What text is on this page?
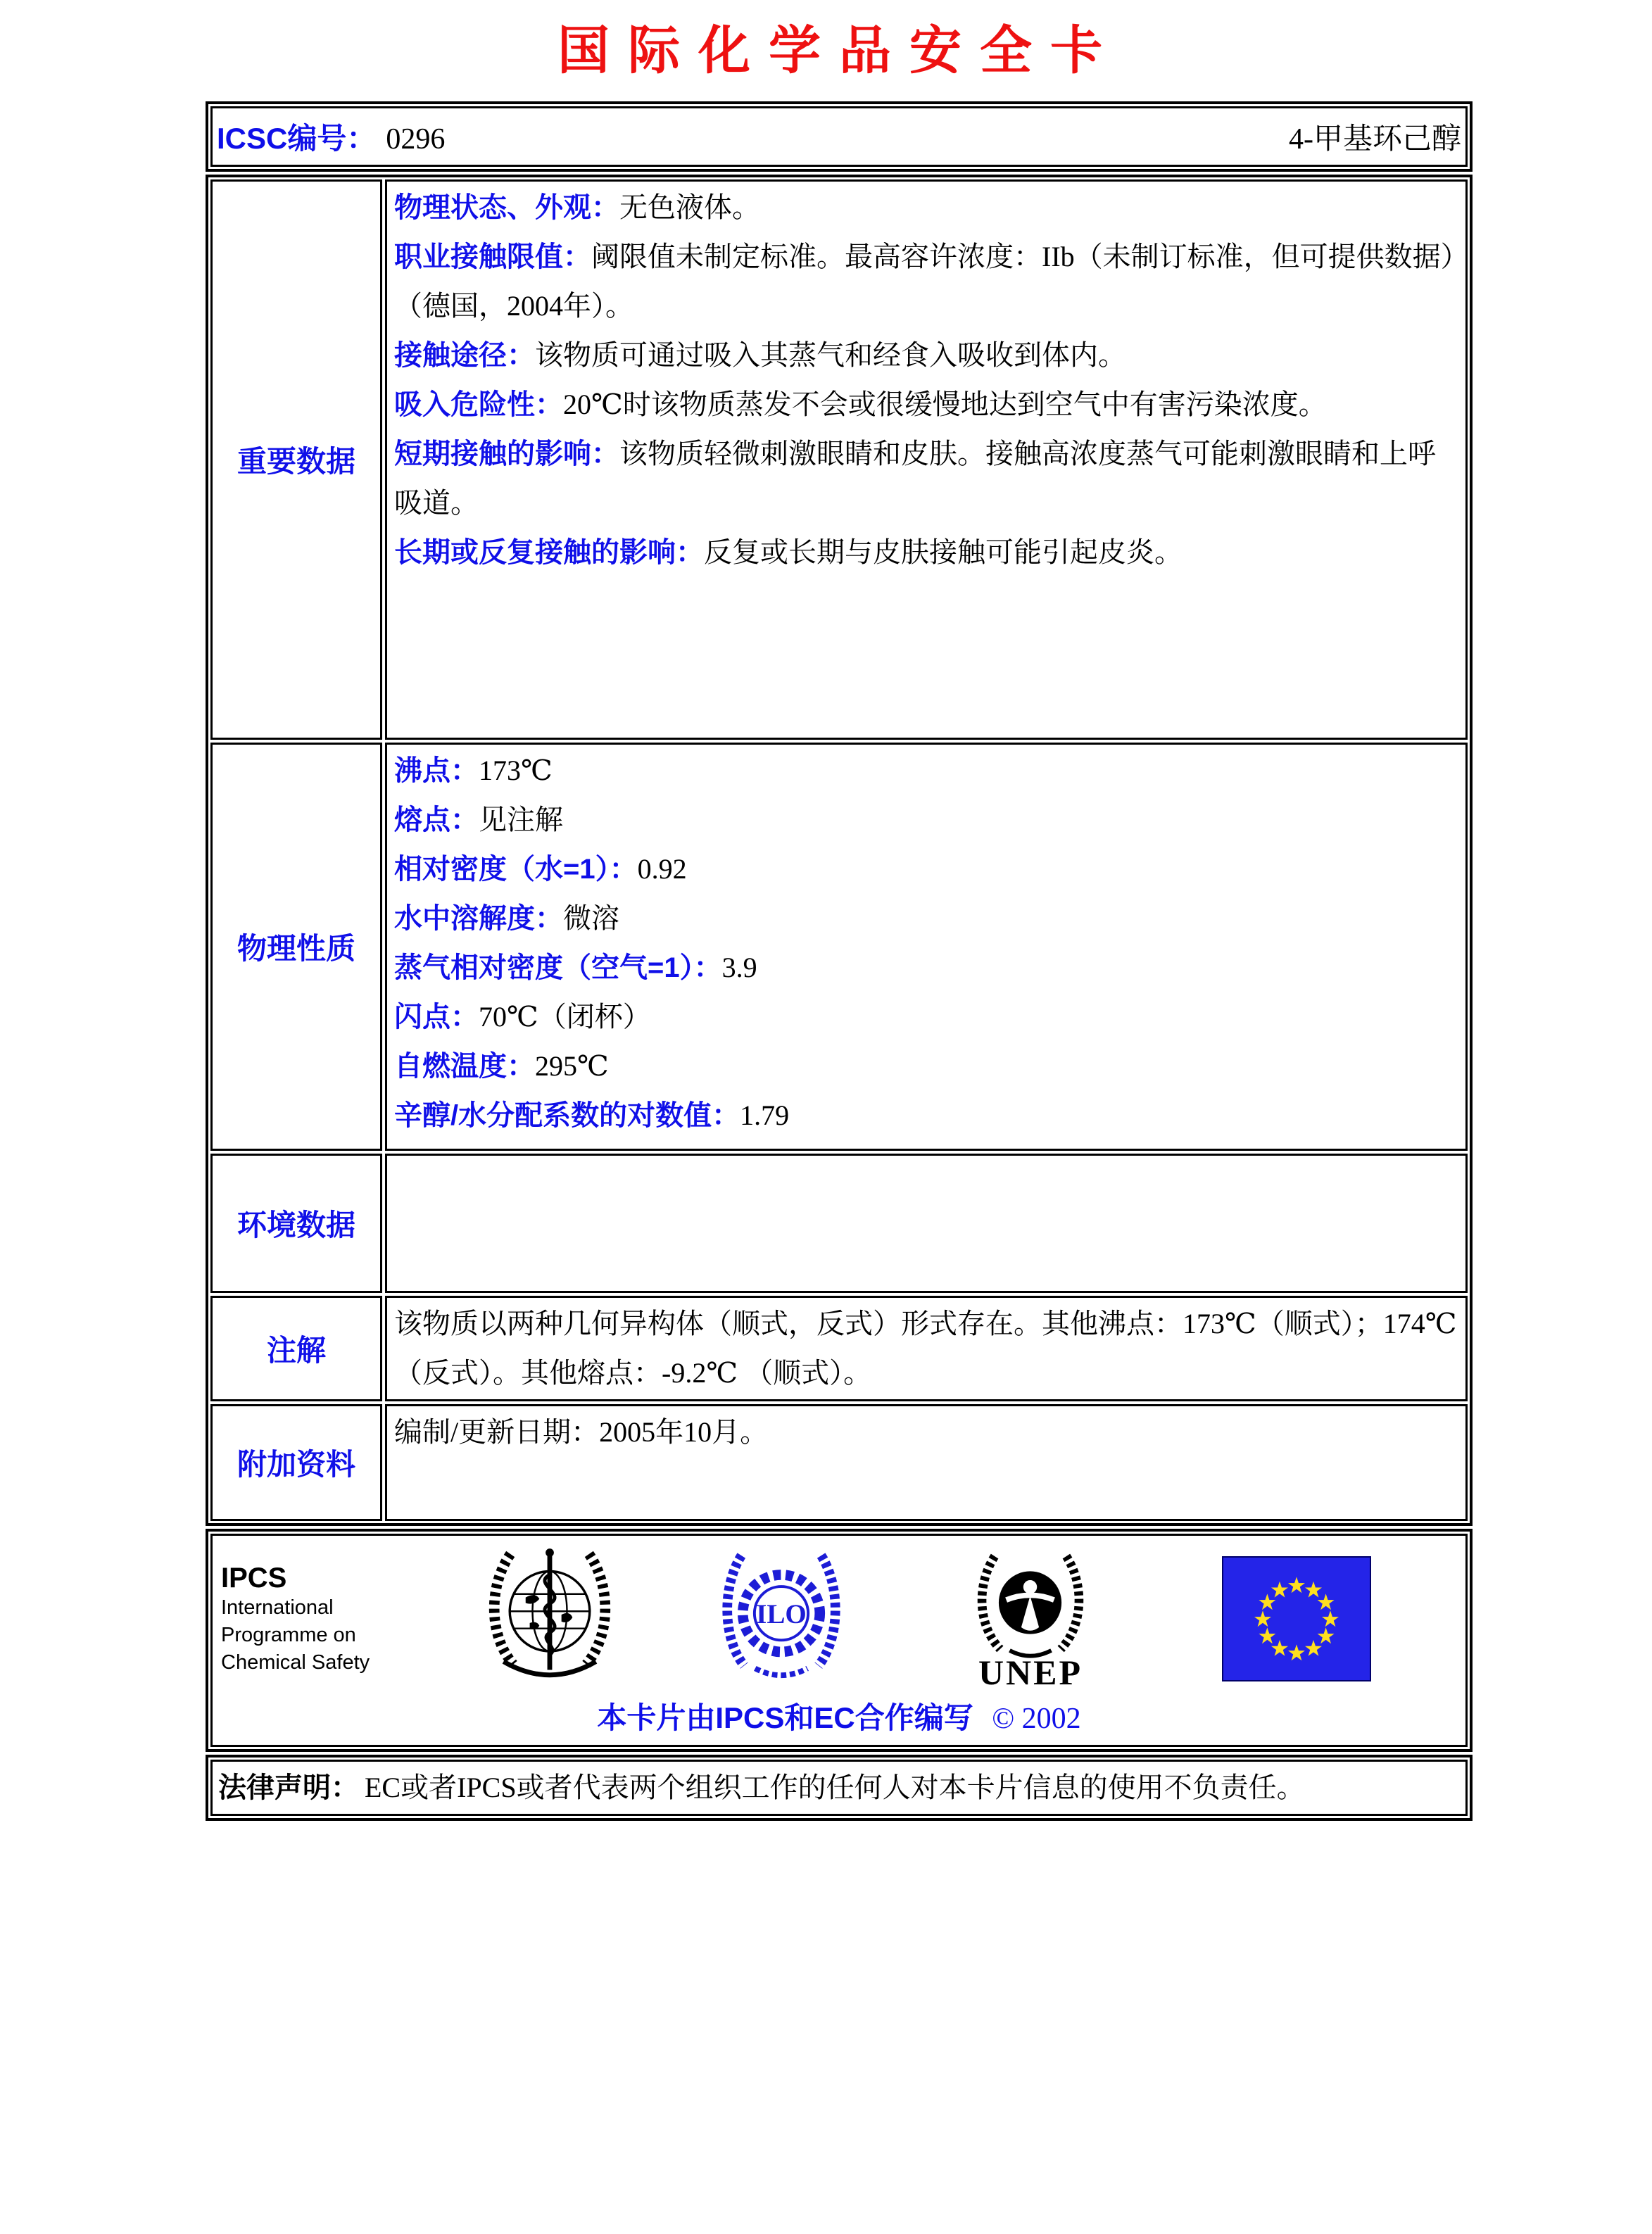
国际化学品安全卡
ICSC编号： 0296	4-甲基环己醇
重要数据
物理状态、外观：无色液体。
职业接触限值：阈限值未制定标准。最高容许浓度：IIb（未制订标准，但可提供数据）（德国，2004年）。
接触途径：该物质可通过吸入其蒸气和经食入吸收到体内。
吸入危险性：20℃时该物质蒸发不会或很缓慢地达到空气中有害污染浓度。
短期接触的影响：该物质轻微刺激眼睛和皮肤。接触高浓度蒸气可能刺激眼睛和上呼吸道。
长期或反复接触的影响：反复或长期与皮肤接触可能引起皮炎。
物理性质
沸点：173℃
熔点：见注解
相对密度（水=1）：0.92
水中溶解度：微溶
蒸气相对密度（空气=1）：3.9
闪点：70℃（闭杯）
自燃温度：295℃
辛醇/水分配系数的对数值：1.79
环境数据
注解
该物质以两种几何异构体（顺式，反式）形式存在。其他沸点：173℃（顺式）；174℃（反式）。其他熔点：-9.2℃ （顺式）。
附加资料
编制/更新日期：2005年10月。
IPCS
International
Programme on
Chemical Safety
ILO
UNEP
本卡片由IPCS和EC合作编写 © 2002
法律声明： EC或者IPCS或者代表两个组织工作的任何人对本卡片信息的使用不负责任。
